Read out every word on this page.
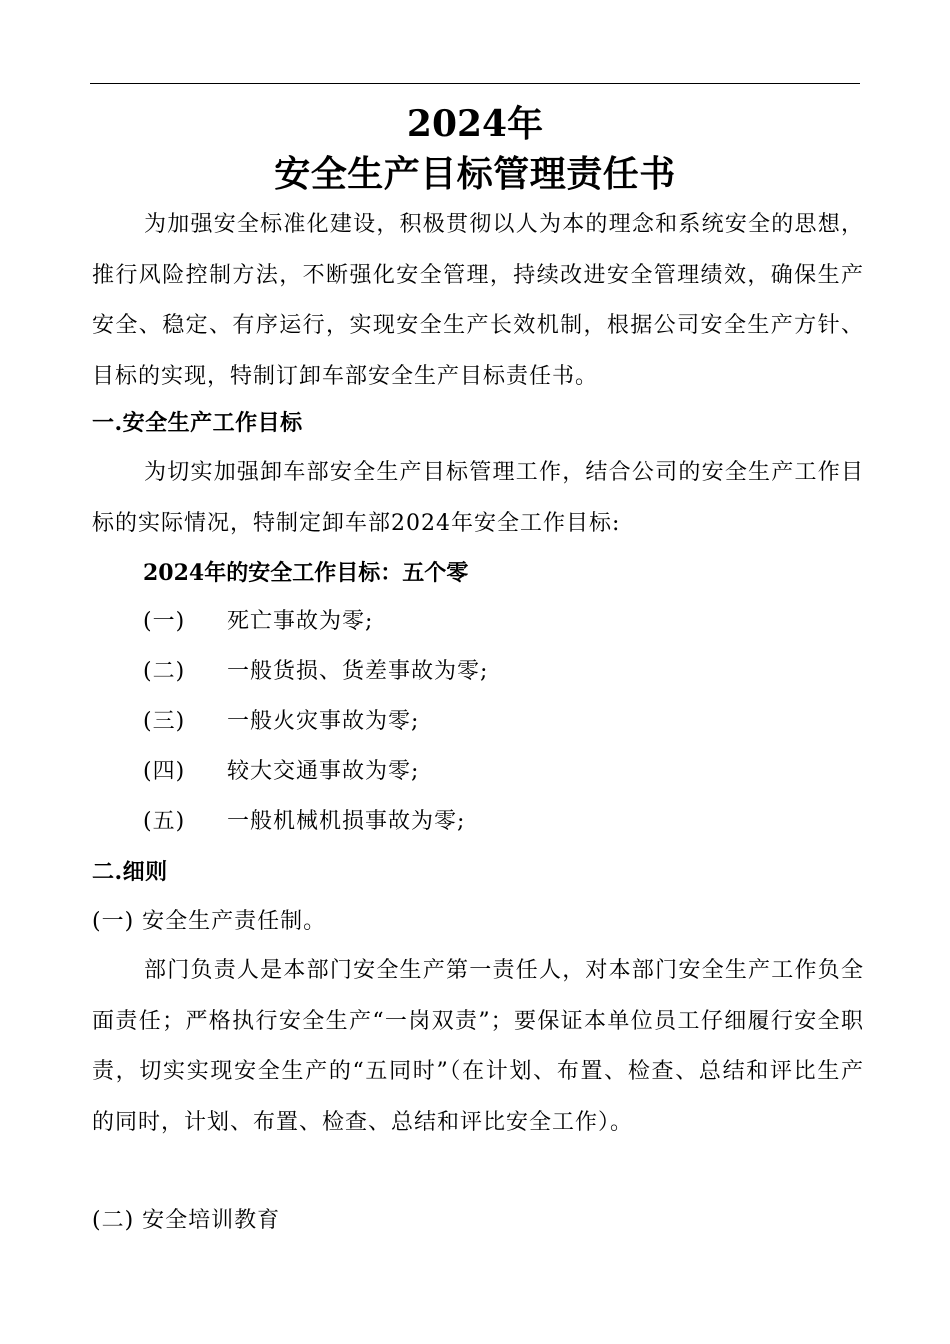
2024年
安全生产目标管理责任书
为加强安全标准化建设，积极贯彻以人为本的理念和系统安全的思想，推行风险控制方法，不断强化安全管理，持续改进安全管理绩效，确保生产安全、稳定、有序运行，实现安全生产长效机制，根据公司安全生产方针、目标的实现，特制订卸车部安全生产目标责任书。
一.安全生产工作目标
为切实加强卸车部安全生产目标管理工作，结合公司的安全生产工作目标的实际情况，特制定卸车部2024年安全工作目标:
2024年的安全工作目标：五个零
(一) 死亡事故为零;
(二) 一般货损、货差事故为零;
(三) 一般火灾事故为零;
(四) 较大交通事故为零;
(五) 一般机械机损事故为零;
二.细则
(一) 安全生产责任制。
部门负责人是本部门安全生产第一责任人，对本部门安全生产工作负全面责任；严格执行安全生产“一岗双责”；要保证本单位员工仔细履行安全职责，切实实现安全生产的“五同时”（在计划、布置、检查、总结和评比生产的同时，计划、布置、检查、总结和评比安全工作）。
(二) 安全培训教育
